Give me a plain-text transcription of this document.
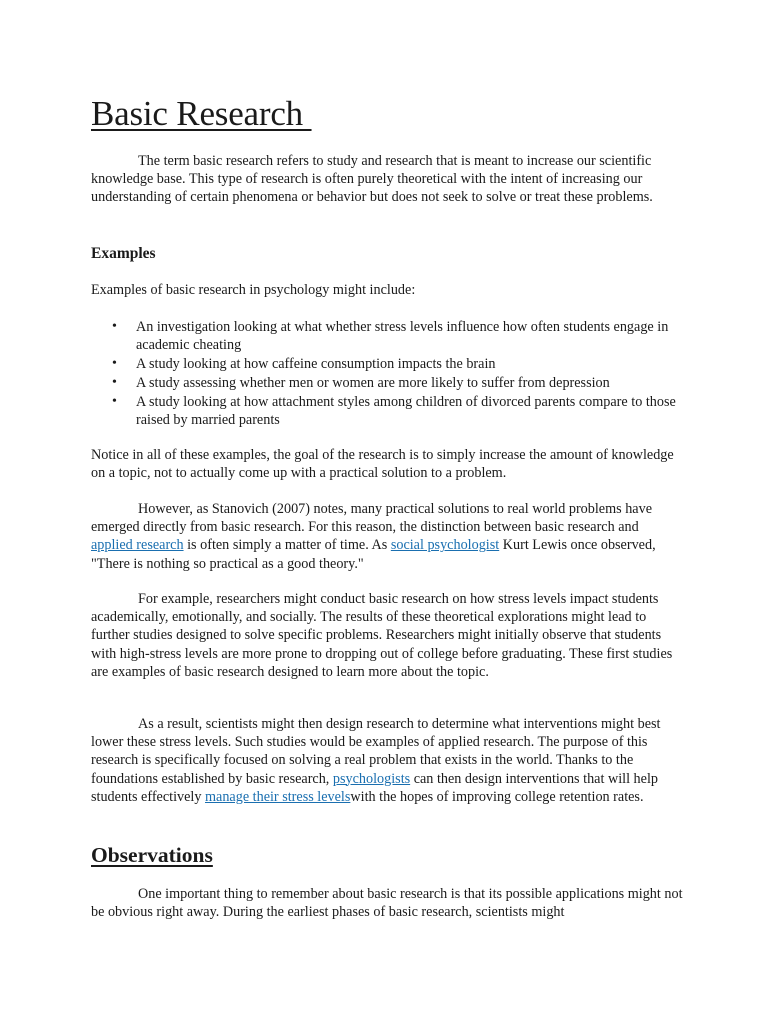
Basic Research

The term basic research refers to study and research that is meant to increase our scientific knowledge base. This type of research is often purely theoretical with the intent of increasing our understanding of certain phenomena or behavior but does not seek to solve or treat these problems.

Examples

Examples of basic research in psychology might include:

• An investigation looking at what whether stress levels influence how often students engage in academic cheating
• A study looking at how caffeine consumption impacts the brain
• A study assessing whether men or women are more likely to suffer from depression
• A study looking at how attachment styles among children of divorced parents compare to those raised by married parents

Notice in all of these examples, the goal of the research is to simply increase the amount of knowledge on a topic, not to actually come up with a practical solution to a problem.

However, as Stanovich (2007) notes, many practical solutions to real world problems have emerged directly from basic research. For this reason, the distinction between basic research and applied research is often simply a matter of time. As social psychologist Kurt Lewis once observed, "There is nothing so practical as a good theory."

For example, researchers might conduct basic research on how stress levels impact students academically, emotionally, and socially. The results of these theoretical explorations might lead to further studies designed to solve specific problems. Researchers might initially observe that students with high-stress levels are more prone to dropping out of college before graduating. These first studies are examples of basic research designed to learn more about the topic.

As a result, scientists might then design research to determine what interventions might best lower these stress levels. Such studies would be examples of applied research. The purpose of this research is specifically focused on solving a real problem that exists in the world. Thanks to the foundations established by basic research, psychologists can then design interventions that will help students effectively manage their stress levelswith the hopes of improving college retention rates.

Observations

One important thing to remember about basic research is that its possible applications might not be obvious right away. During the earliest phases of basic research, scientists might
